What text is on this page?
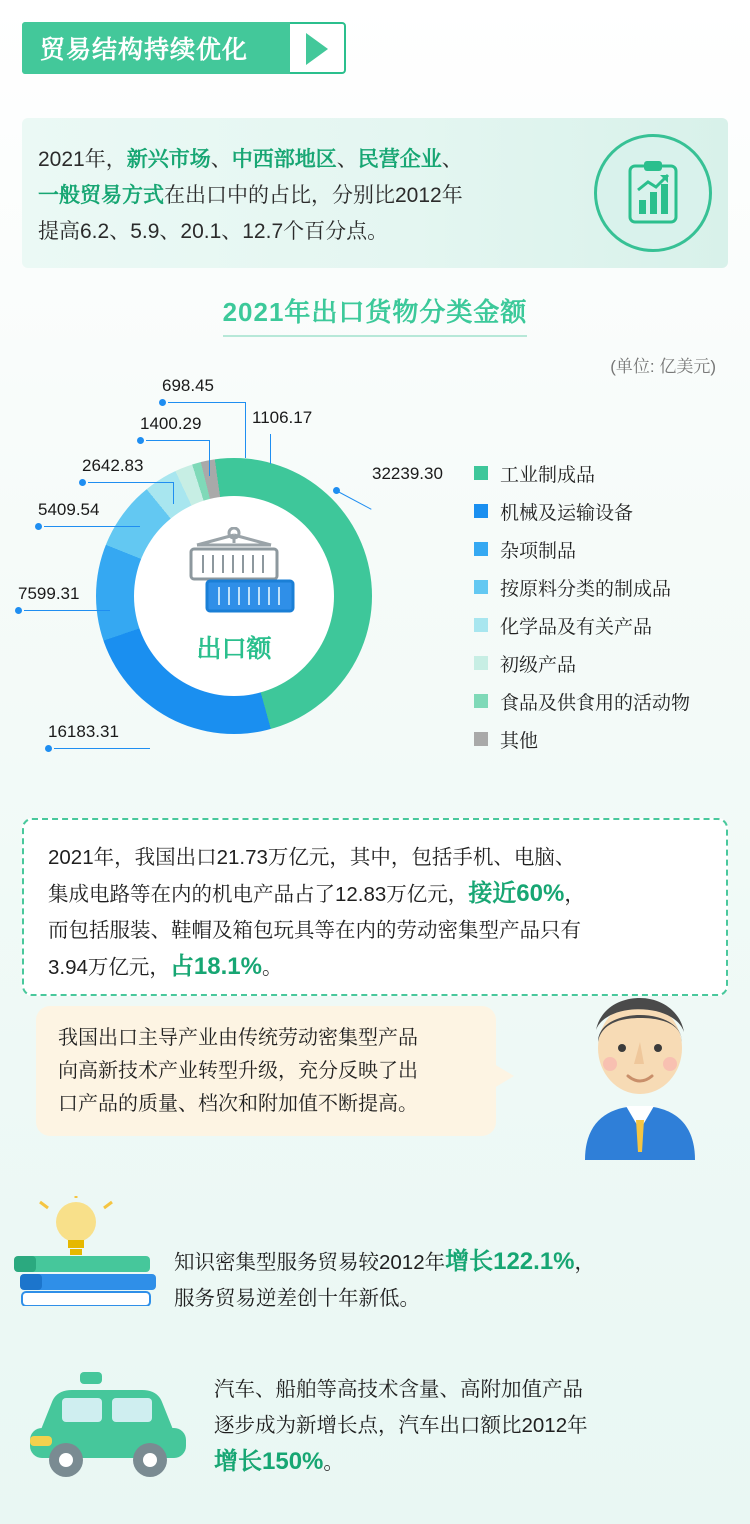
贸易结构持续优化
2021年，新兴市场、中西部地区、民营企业、
一般贸易方式在出口中的占比，分别比2012年
提高6.2、5.9、20.1、12.7个百分点。
2021年出口货物分类金额
(单位: 亿美元)
出口额
698.45
1106.17
1400.29
2642.83
5409.54
7599.31
16183.31
32239.30	工业制成品
机械及运输设备
杂项制品
按原料分类的制成品
化学品及有关产品
初级产品
食品及供食用的活动物
其他
2021年，我国出口21.73万亿元，其中，包括手机、电脑、
集成电路等在内的机电产品占了12.83万亿元，接近60%，
而包括服装、鞋帽及箱包玩具等在内的劳动密集型产品只有
3.94万亿元，占18.1%。
我国出口主导产业由传统劳动密集型产品
向高新技术产业转型升级，充分反映了出
口产品的质量、档次和附加值不断提高。
知识密集型服务贸易较2012年增长122.1%，
服务贸易逆差创十年新低。
汽车、船舶等高技术含量、高附加值产品
逐步成为新增长点，汽车出口额比2012年
增长150%。
